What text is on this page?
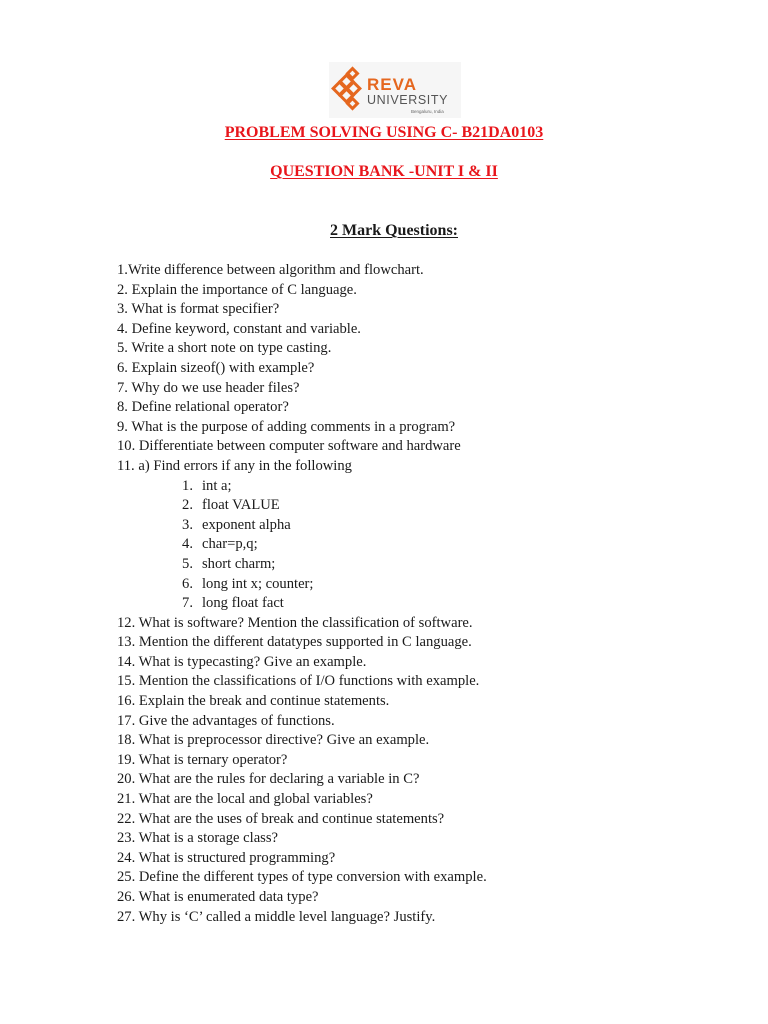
REVA
UNIVERSITY
Bengaluru, India
PROBLEM SOLVING USING C- B21DA0103
QUESTION BANK -UNIT I & II
2 Mark Questions:
1.Write difference between algorithm and flowchart.
2. Explain the importance of C language.
3. What is format specifier?
4. Define keyword, constant and variable.
5. Write a short note on type casting.
6. Explain sizeof() with example?
7. Why do we use header files?
8. Define relational operator?
9. What is the purpose of adding comments in a program?
10. Differentiate between computer software and hardware
11. a) Find errors if any in the following
1. int a;
2. float VALUE
3. exponent alpha
4. char=p,q;
5. short charm;
6. long int x; counter;
7. long float fact
12. What is software? Mention the classification of software.
13. Mention the different datatypes supported in C language.
14. What is typecasting? Give an example.
15. Mention the classifications of I/O functions with example.
16. Explain the break and continue statements.
17. Give the advantages of functions.
18. What is preprocessor directive? Give an example.
19. What is ternary operator?
20. What are the rules for declaring a variable in C?
21. What are the local and global variables?
22. What are the uses of break and continue statements?
23. What is a storage class?
24. What is structured programming?
25. Define the different types of type conversion with example.
26. What is enumerated data type?
27. Why is ‘C’ called a middle level language? Justify.
